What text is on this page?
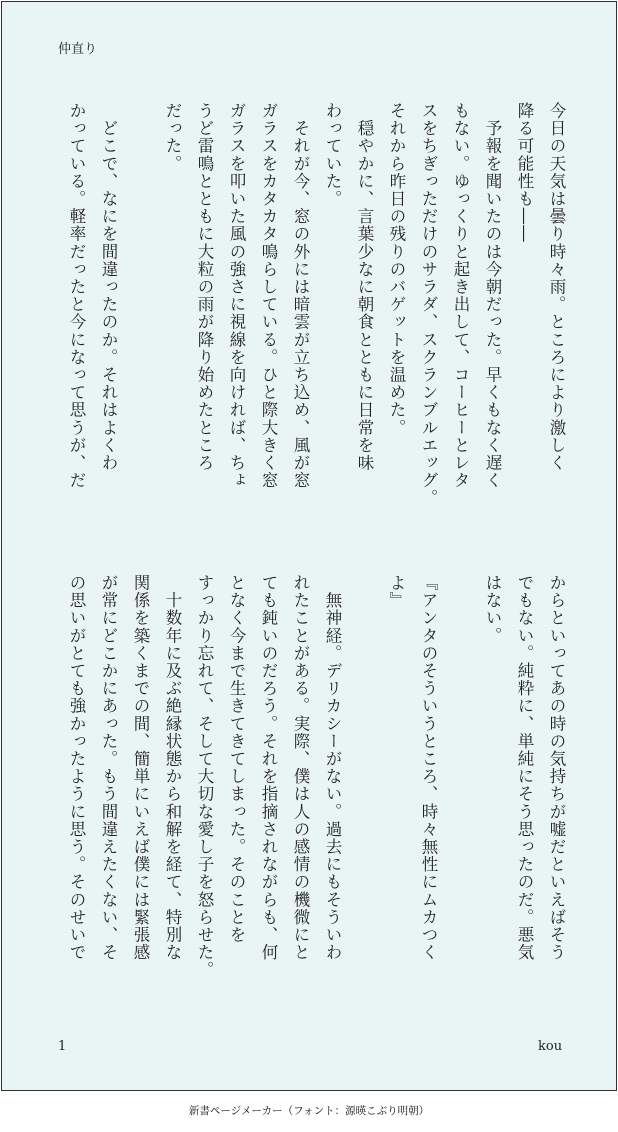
仲直り
今日の天気は曇り時々雨。ところにより激しく
降る可能性も――
　予報を聞いたのは今朝だった。早くもなく遅く
もない。ゆっくりと起き出して、コーヒーとレタ
スをちぎっただけのサラダ、スクランブルエッグ。
それから昨日の残りのバゲットを温めた。
　穏やかに、言葉少なに朝食とともに日常を味
わっていた。
　それが今、窓の外には暗雲が立ち込め、風が窓
ガラスをカタカタ鳴らしている。ひと際大きく窓
ガラスを叩いた風の強さに視線を向ければ、ちょ
うど雷鳴とともに大粒の雨が降り始めたところ
だった。

　どこで、なにを間違ったのか。それはよくわ
かっている。軽率だったと今になって思うが、だ
からといってあの時の気持ちが嘘だといえばそう
でもない。純粋に、単純にそう思ったのだ。悪気
はない。

『アンタのそういうところ、時々無性にムカつく
よ』

　無神経。デリカシーがない。過去にもそういわ
れたことがある。実際、僕は人の感情の機微にと
ても鈍いのだろう。それを指摘されながらも、何
となく今まで生きてきてしまった。そのことを
すっかり忘れて、そして大切な愛し子を怒らせた。
　十数年に及ぶ絶縁状態から和解を経て、特別な
関係を築くまでの間、簡単にいえば僕には緊張感
が常にどこかにあった。もう間違えたくない、そ
の思いがとても強かったように思う。そのせいで
1	kou
新書ページメーカー（フォント：源暎こぶり明朝）
